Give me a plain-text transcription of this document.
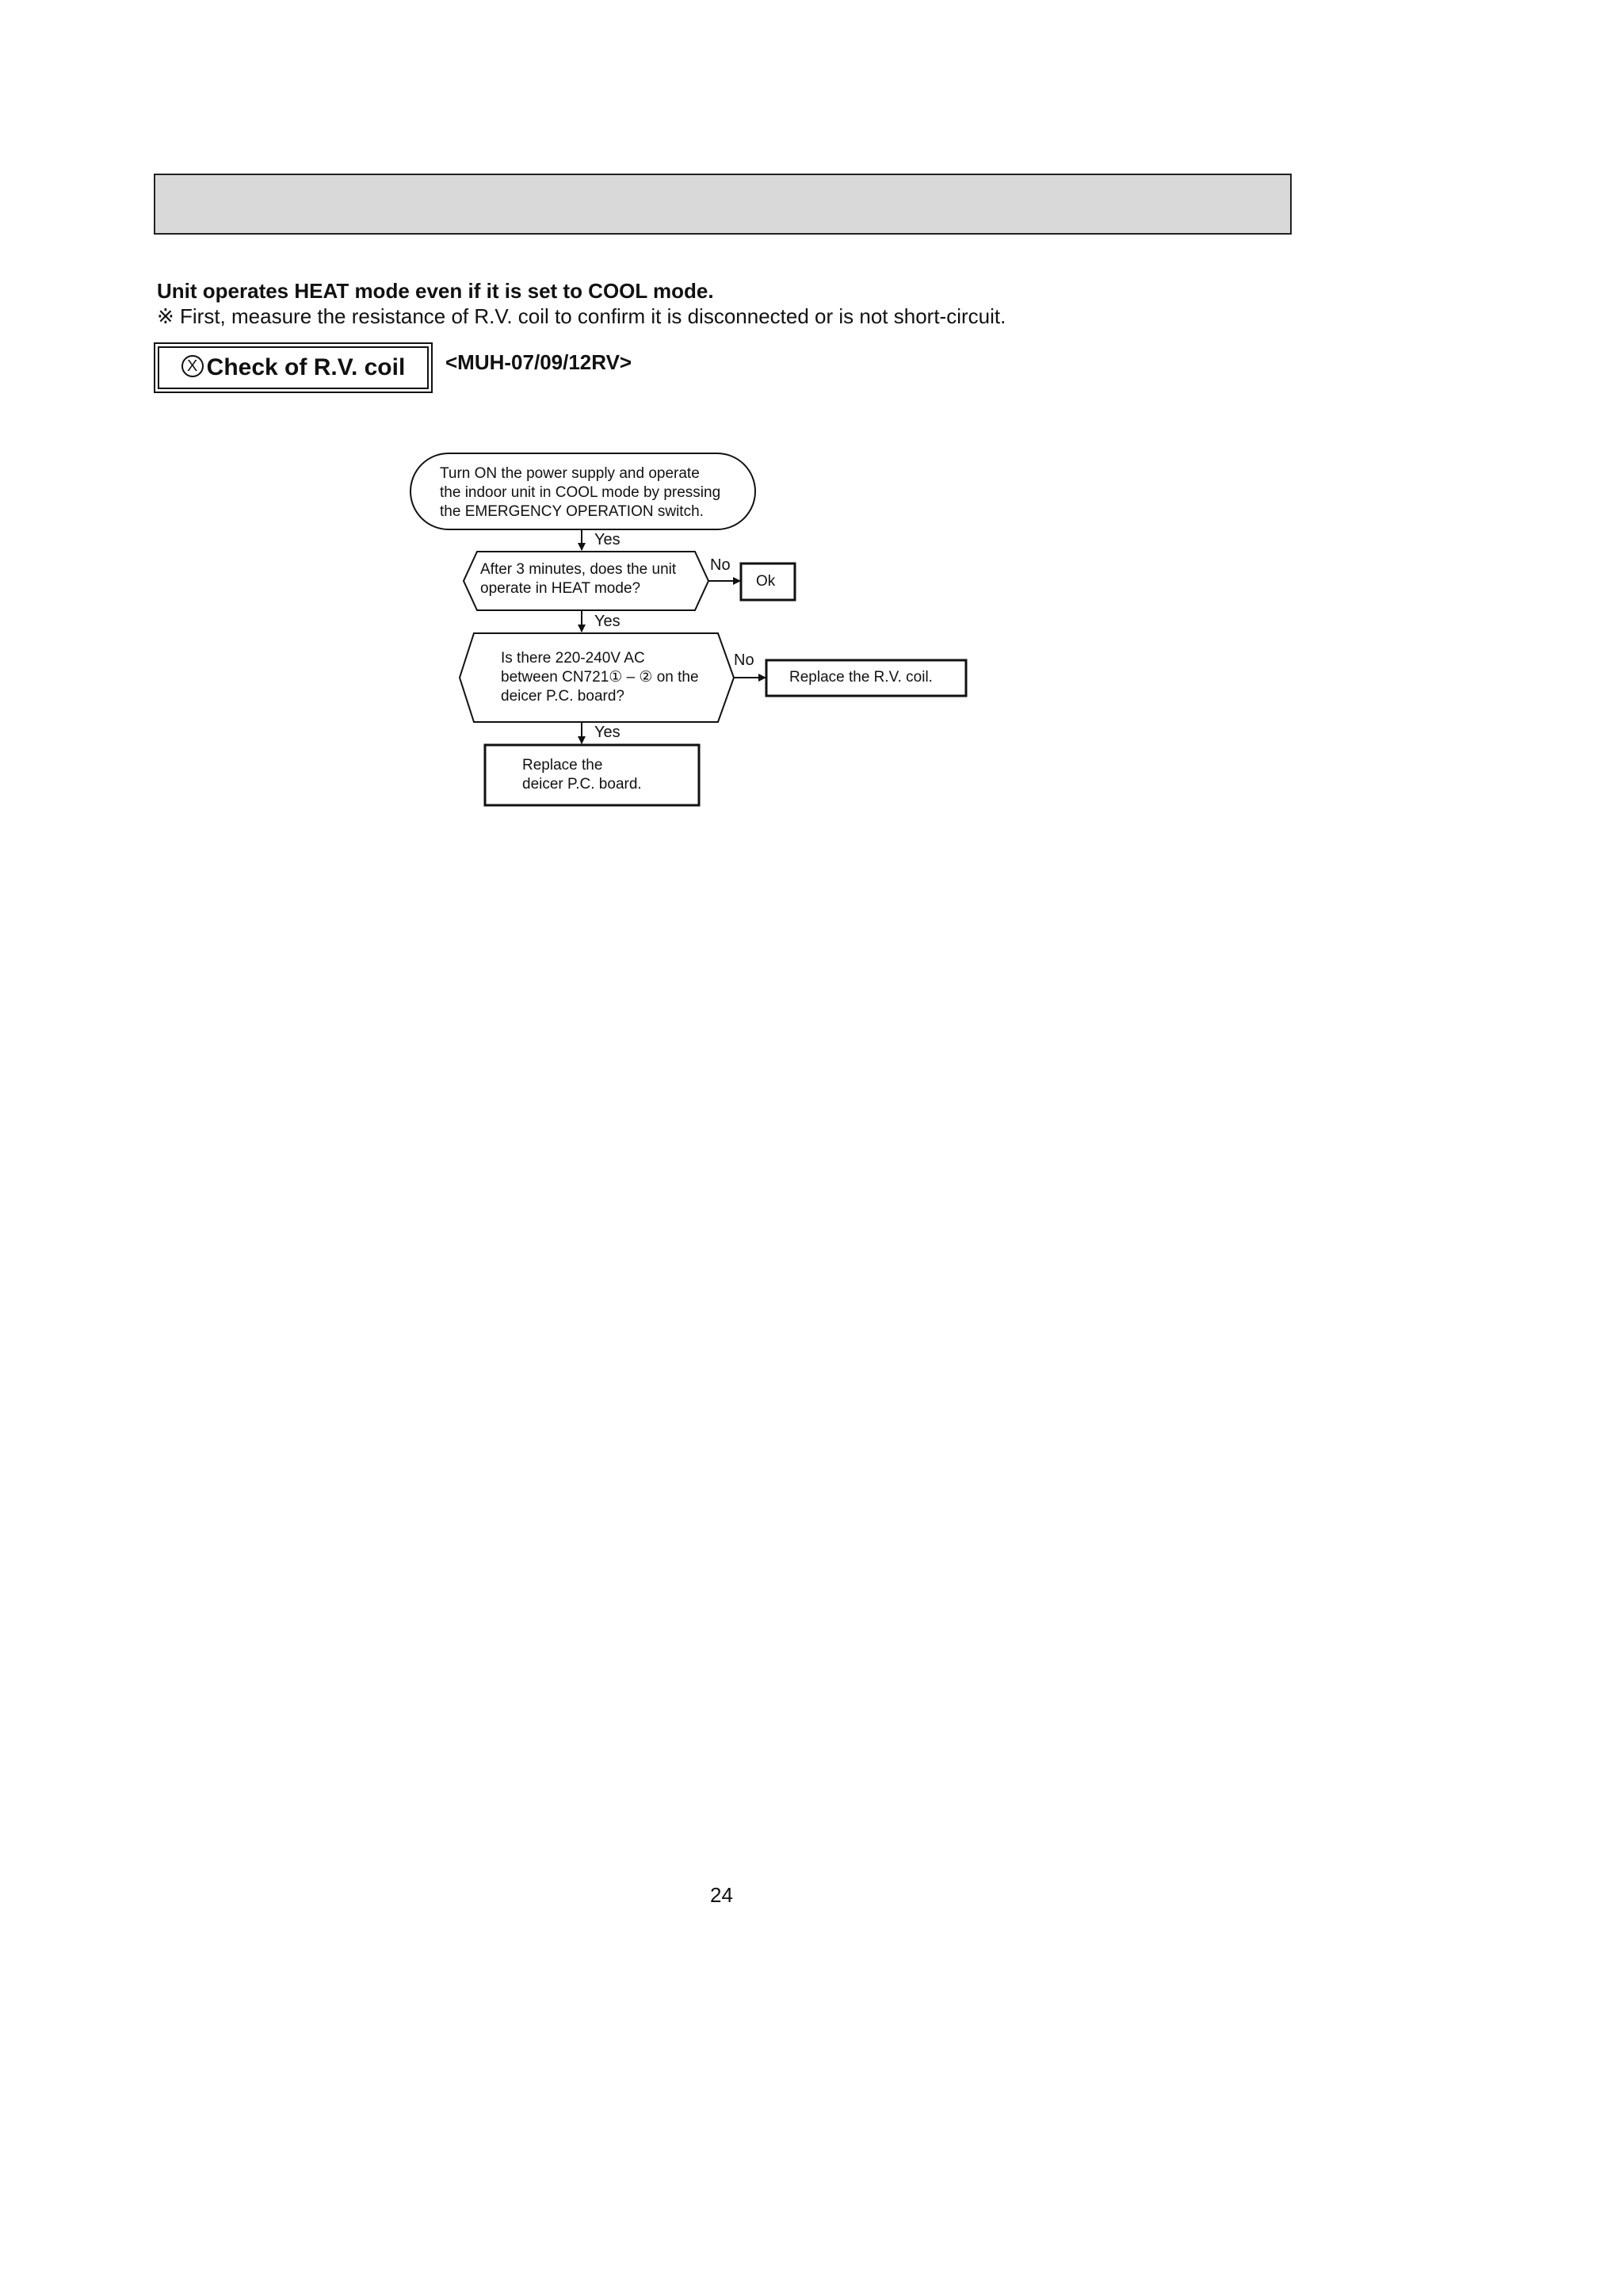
Unit operates HEAT mode even if it is set to COOL mode.
※ First, measure the resistance of R.V. coil to confirm it is disconnected or is not short-circuit.
X Check of R.V. coil <MUH-07/09/12RV>
Turn ON the power supply and operate
the indoor unit in COOL mode by pressing
the EMERGENCY OPERATION switch.
Yes
After 3 minutes, does the unit
operate in HEAT mode?
No
Ok
Yes
Is there 220-240V AC
between CN721① – ② on the
deicer P.C. board?
No
Replace the R.V. coil.
Yes
Replace the
deicer P.C. board.
24
